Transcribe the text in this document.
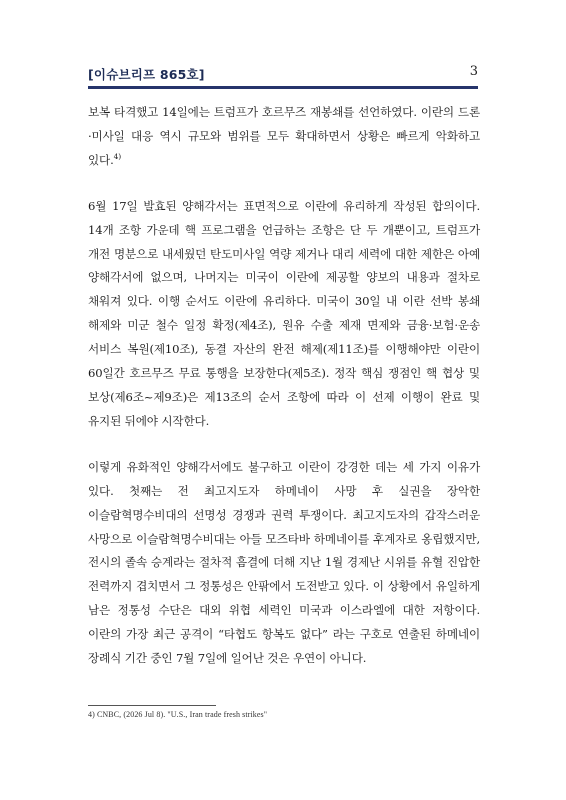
[이슈브리프 865호]	3

보복 타격했고 14일에는 트럼프가 호르무즈 재봉쇄를 선언하였다. 이란의 드론·미사일 대응 역시 규모와 범위를 모두 확대하면서 상황은 빠르게 악화하고 있다.$^{4)}$

6월 17일 발효된 양해각서는 표면적으로 이란에 유리하게 작성된 합의이다. 14개 조항 가운데 핵 프로그램을 언급하는 조항은 단 두 개뿐이고, 트럼프가 개전 명분으로 내세웠던 탄도미사일 역량 제거나 대리 세력에 대한 제한은 아예 양해각서에 없으며, 나머지는 미국이 이란에 제공할 양보의 내용과 절차로 채워져 있다. 이행 순서도 이란에 유리하다. 미국이 30일 내 이란 선박 봉쇄 해제와 미군 철수 일정 확정(제4조), 원유 수출 제재 면제와 금융·보험·운송 서비스 복원(제10조), 동결 자산의 완전 해제(제11조)를 이행해야만 이란이 60일간 호르무즈 무료 통행을 보장한다(제5조). 정작 핵심 쟁점인 핵 협상 및 보상(제6조~제9조)은 제13조의 순서 조항에 따라 이 선제 이행이 완료 및 유지된 뒤에야 시작한다.

이렇게 유화적인 양해각서에도 불구하고 이란이 강경한 데는 세 가지 이유가 있다. 첫째는 전 최고지도자 하메네이 사망 후 실권을 장악한 이슬람혁명수비대의 선명성 경쟁과 권력 투쟁이다. 최고지도자의 갑작스러운 사망으로 이슬람혁명수비대는 아들 모즈타바 하메네이를 후계자로 옹립했지만, 전시의 졸속 승계라는 절차적 흠결에 더해 지난 1월 경제난 시위를 유혈 진압한 전력까지 겹치면서 그 정통성은 안팎에서 도전받고 있다. 이 상황에서 유일하게 남은 정통성 수단은 대외 위협 세력인 미국과 이스라엘에 대한 저항이다. 이란의 가장 최근 공격이 “타협도 항복도 없다” 라는 구호로 연출된 하메네이 장례식 기간 중인 7월 7일에 일어난 것은 우연이 아니다.

4) CNBC, (2026 Jul 8). "U.S., Iran trade fresh strikes"
